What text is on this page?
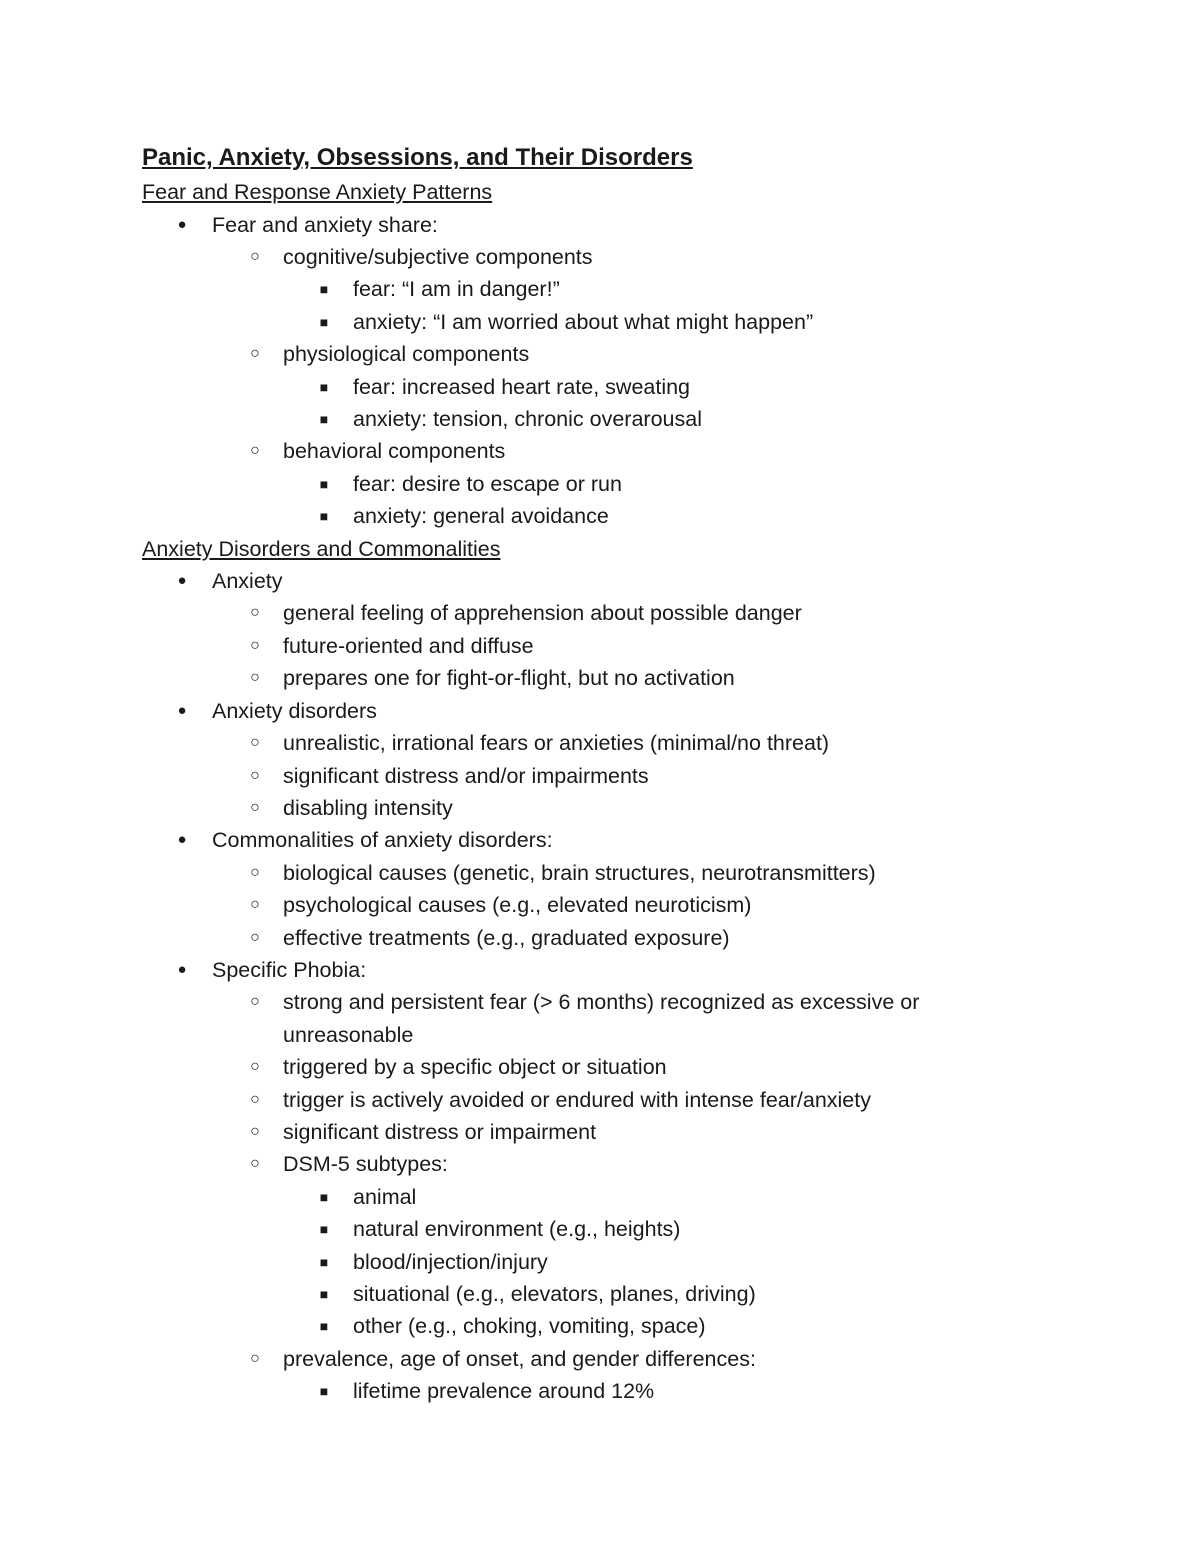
Panic, Anxiety, Obsessions, and Their Disorders
Fear and Response Anxiety Patterns
● Fear and anxiety share:
○ cognitive/subjective components
■ fear: “I am in danger!”
■ anxiety: “I am worried about what might happen”
○ physiological components
■ fear: increased heart rate, sweating
■ anxiety: tension, chronic overarousal
○ behavioral components
■ fear: desire to escape or run
■ anxiety: general avoidance
Anxiety Disorders and Commonalities
● Anxiety
○ general feeling of apprehension about possible danger
○ future-oriented and diffuse
○ prepares one for fight-or-flight, but no activation
● Anxiety disorders
○ unrealistic, irrational fears or anxieties (minimal/no threat)
○ significant distress and/or impairments
○ disabling intensity
● Commonalities of anxiety disorders:
○ biological causes (genetic, brain structures, neurotransmitters)
○ psychological causes (e.g., elevated neuroticism)
○ effective treatments (e.g., graduated exposure)
● Specific Phobia:
○ strong and persistent fear (> 6 months) recognized as excessive or unreasonable
○ triggered by a specific object or situation
○ trigger is actively avoided or endured with intense fear/anxiety
○ significant distress or impairment
○ DSM-5 subtypes:
■ animal
■ natural environment (e.g., heights)
■ blood/injection/injury
■ situational (e.g., elevators, planes, driving)
■ other (e.g., choking, vomiting, space)
○ prevalence, age of onset, and gender differences:
■ lifetime prevalence around 12%
